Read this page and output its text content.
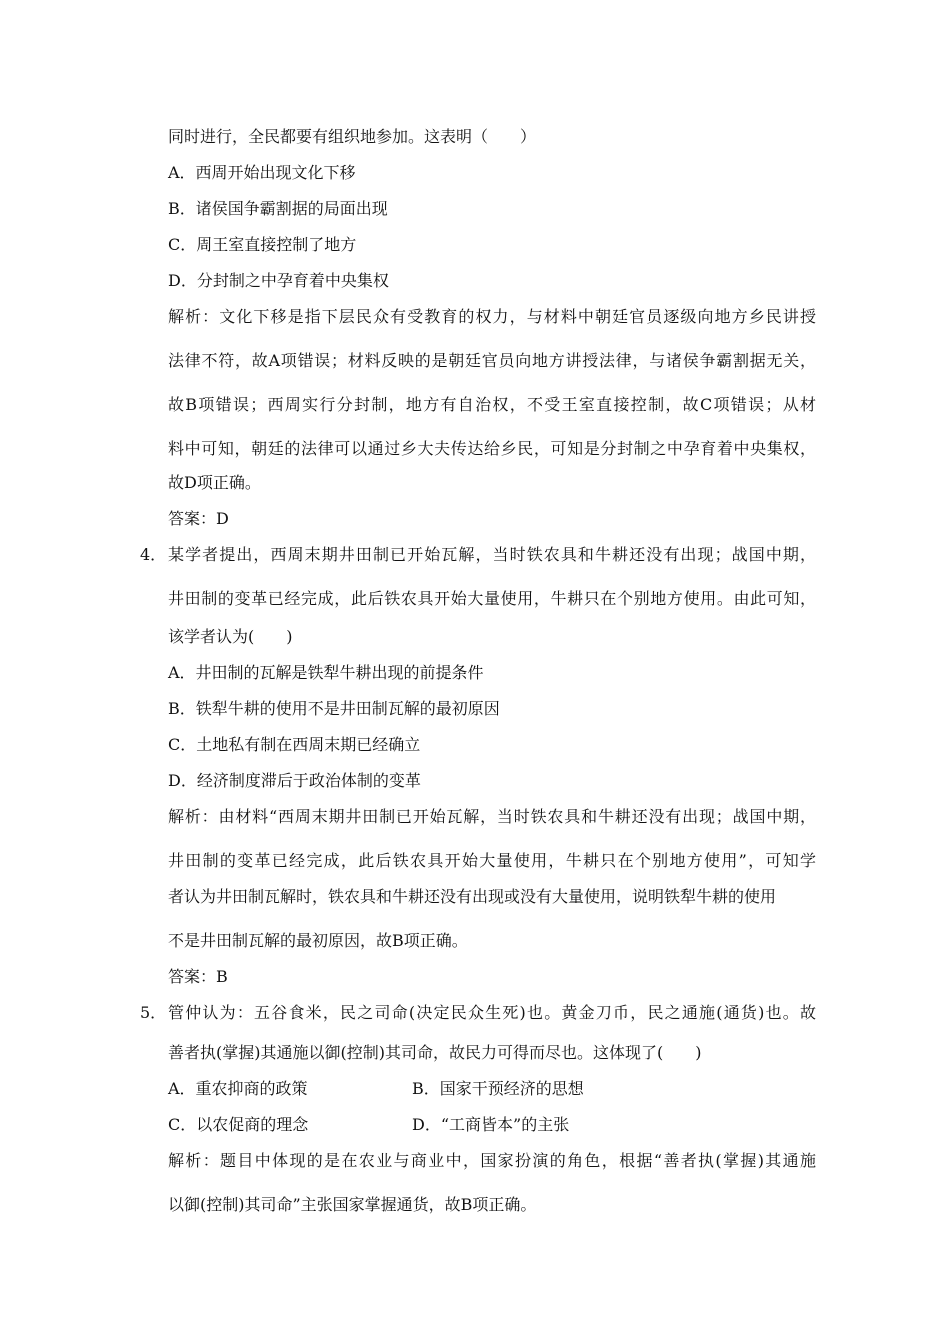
同时进行，全民都要有组织地参加。这表明（　　）
A．西周开始出现文化下移
B．诸侯国争霸割据的局面出现
C．周王室直接控制了地方
D．分封制之中孕育着中央集权
解析：文化下移是指下层民众有受教育的权力，与材料中朝廷官员逐级向地方乡民讲授
法律不符，故A项错误；材料反映的是朝廷官员向地方讲授法律，与诸侯争霸割据无关，
故B项错误；西周实行分封制，地方有自治权，不受王室直接控制，故C项错误；从材
料中可知，朝廷的法律可以通过乡大夫传达给乡民，可知是分封制之中孕育着中央集权，
故D项正确。
答案：D
4． 某学者提出，西周末期井田制已开始瓦解，当时铁农具和牛耕还没有出现；战国中期，
井田制的变革已经完成，此后铁农具开始大量使用，牛耕只在个别地方使用。由此可知，
该学者认为(　　)
A．井田制的瓦解是铁犁牛耕出现的前提条件
B．铁犁牛耕的使用不是井田制瓦解的最初原因
C．土地私有制在西周末期已经确立
D．经济制度滞后于政治体制的变革
解析：由材料“西周末期井田制已开始瓦解，当时铁农具和牛耕还没有出现；战国中期，
井田制的变革已经完成，此后铁农具开始大量使用，牛耕只在个别地方使用”，可知学
者认为井田制瓦解时，铁农具和牛耕还没有出现或没有大量使用，说明铁犁牛耕的使用
不是井田制瓦解的最初原因，故B项正确。
答案：B
5． 管仲认为：五谷食米，民之司命(决定民众生死)也。黄金刀币，民之通施(通货)也。故
善者执(掌握)其通施以御(控制)其司命，故民力可得而尽也。这体现了(　　)
A．重农抑商的政策	B．国家干预经济的思想
C．以农促商的理念	D．“工商皆本”的主张
解析：题目中体现的是在农业与商业中，国家扮演的角色，根据“善者执(掌握)其通施
以御(控制)其司命”主张国家掌握通货，故B项正确。
